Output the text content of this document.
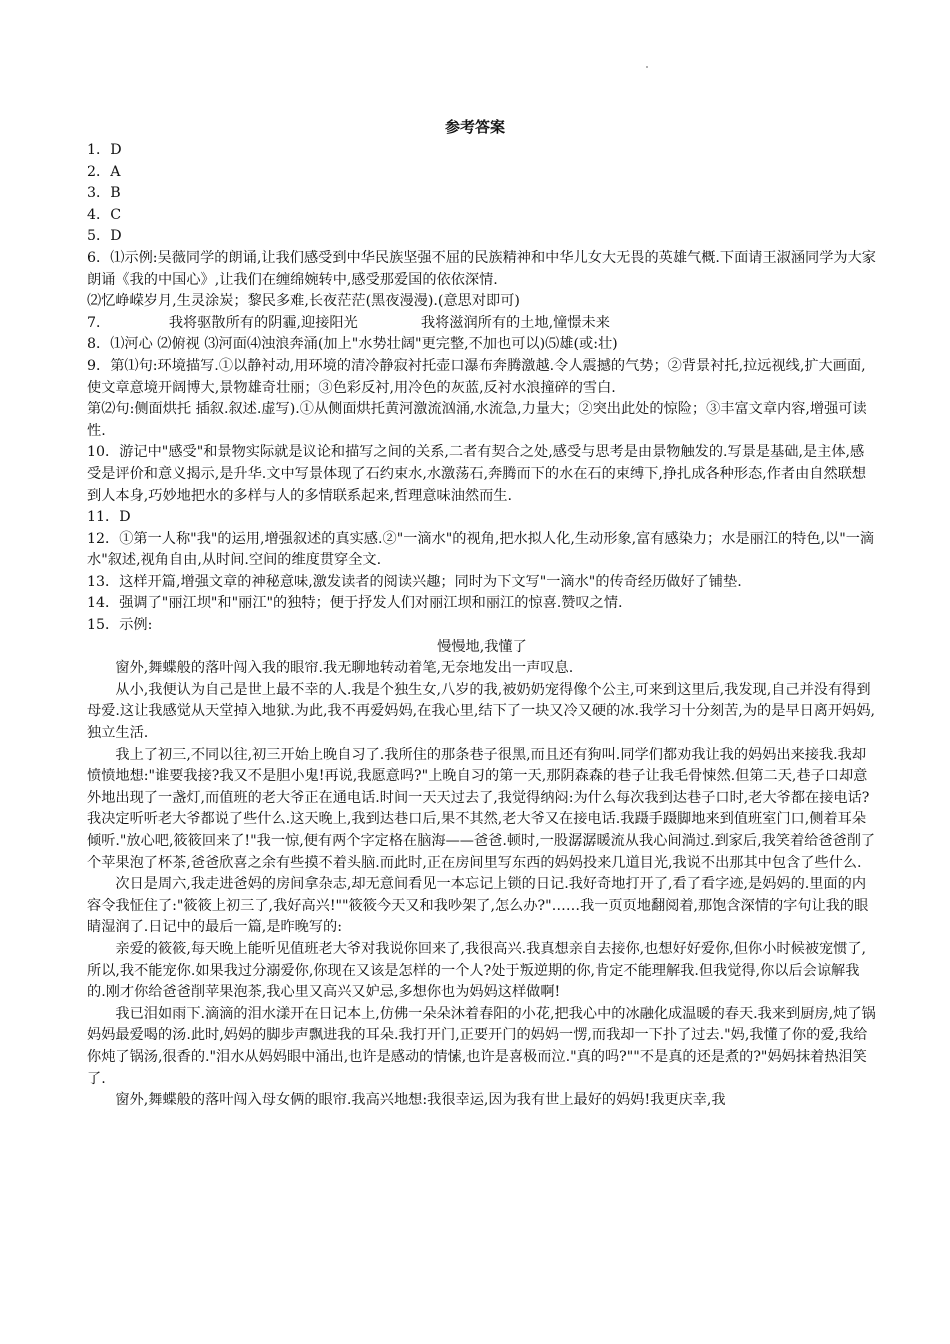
参考答案

1．D

2．A

3．B

4．C

5．D

6．⑴示例:吴薇同学的朗诵,让我们感受到中华民族坚强不屈的民族精神和中华儿女大无畏的英雄气概.下面请王淑涵同学为大家朗诵《我的中国心》,让我们在缠绵婉转中,感受那爱国的依依深情.

⑵忆峥嵘岁月,生灵涂炭；黎民多难,长夜茫茫(黑夜漫漫).(意思对即可)

7．             我将驱散所有的阴霾,迎接阳光              我将滋润所有的土地,憧憬未来

8．⑴河心 ⑵俯视 ⑶河面⑷浊浪奔涌(加上"水势壮阔"更完整,不加也可以)⑸雄(或:壮)

9．第⑴句:环境描写.①以静衬动,用环境的清冷静寂衬托壶口瀑布奔腾激越.令人震撼的气势；②背景衬托,拉远视线,扩大画面,使文章意境开阔博大,景物雄奇壮丽；③色彩反衬,用冷色的灰蓝,反衬水浪撞碎的雪白.

第⑵句:侧面烘托 插叙.叙述.虚写).①从侧面烘托黄河激流汹涌,水流急,力量大；②突出此处的惊险；③丰富文章内容,增强可读性.

10．游记中"感受"和景物实际就是议论和描写之间的关系,二者有契合之处,感受与思考是由景物触发的.写景是基础,是主体,感受是评价和意义揭示,是升华.文中写景体现了石约束水,水激荡石,奔腾而下的水在石的束缚下,挣扎成各种形态,作者由自然联想到人本身,巧妙地把水的多样与人的多情联系起来,哲理意味油然而生.

11．D

12．①第一人称"我"的运用,增强叙述的真实感.②"一滴水"的视角,把水拟人化,生动形象,富有感染力；水是丽江的特色,以"一滴水"叙述,视角自由,从时间.空间的维度贯穿全文.

13．这样开篇,增强文章的神秘意味,激发读者的阅读兴趣；同时为下文写"一滴水"的传奇经历做好了铺垫.

14．强调了"丽江坝"和"丽江"的独特；便于抒发人们对丽江坝和丽江的惊喜.赞叹之情.

15．示例:

慢慢地,我懂了

窗外,舞蝶般的落叶闯入我的眼帘.我无聊地转动着笔,无奈地发出一声叹息.

从小,我便认为自己是世上最不幸的人.我是个独生女,八岁的我,被奶奶宠得像个公主,可来到这里后,我发现,自己并没有得到母爱.这让我感觉从天堂掉入地狱.为此,我不再爱妈妈,在我心里,结下了一块又冷又硬的冰.我学习十分刻苦,为的是早日离开妈妈,独立生活.

我上了初三,不同以往,初三开始上晚自习了.我所住的那条巷子很黑,而且还有狗叫.同学们都劝我让我的妈妈出来接我.我却愤愤地想:"谁要我接?我又不是胆小鬼!再说,我愿意吗?"上晚自习的第一天,那阴森森的巷子让我毛骨悚然.但第二天,巷子口却意外地出现了一盏灯,而值班的老大爷正在通电话.时间一天天过去了,我觉得纳闷:为什么每次我到达巷子口时,老大爷都在接电话?我决定听听老大爷都说了些什么.这天晚上,我到达巷口后,果不其然,老大爷又在接电话.我蹑手蹑脚地来到值班室门口,侧着耳朵倾听."放心吧,筱筱回来了!"我一惊,便有两个字定格在脑海——爸爸.顿时,一股潺潺暖流从我心间淌过.到家后,我笑着给爸爸削了个苹果泡了杯茶,爸爸欣喜之余有些摸不着头脑.而此时,正在房间里写东西的妈妈投来几道目光,我说不出那其中包含了些什么.

次日是周六,我走进爸妈的房间拿杂志,却无意间看见一本忘记上锁的日记.我好奇地打开了,看了看字迹,是妈妈的.里面的内容令我怔住了:"筱筱上初三了,我好高兴!""筱筱今天又和我吵架了,怎么办?"……我一页页地翻阅着,那饱含深情的字句让我的眼睛湿润了.日记中的最后一篇,是昨晚写的:

亲爱的筱筱,每天晚上能听见值班老大爷对我说你回来了,我很高兴.我真想亲自去接你,也想好好爱你,但你小时候被宠惯了,所以,我不能宠你.如果我过分溺爱你,你现在又该是怎样的一个人?处于叛逆期的你,肯定不能理解我.但我觉得,你以后会谅解我的.刚才你给爸爸削苹果泡茶,我心里又高兴又妒忌,多想你也为妈妈这样做啊!

我已泪如雨下.滴滴的泪水漾开在日记本上,仿佛一朵朵沐着春阳的小花,把我心中的冰融化成温暖的春天.我来到厨房,炖了锅妈妈最爱喝的汤.此时,妈妈的脚步声飘进我的耳朵.我打开门,正要开门的妈妈一愣,而我却一下扑了过去."妈,我懂了你的爱,我给你炖了锅汤,很香的."泪水从妈妈眼中涌出,也许是感动的情愫,也许是喜极而泣."真的吗?""不是真的还是煮的?"妈妈抹着热泪笑了.

窗外,舞蝶般的落叶闯入母女俩的眼帘.我高兴地想:我很幸运,因为我有世上最好的妈妈!我更庆幸,我
